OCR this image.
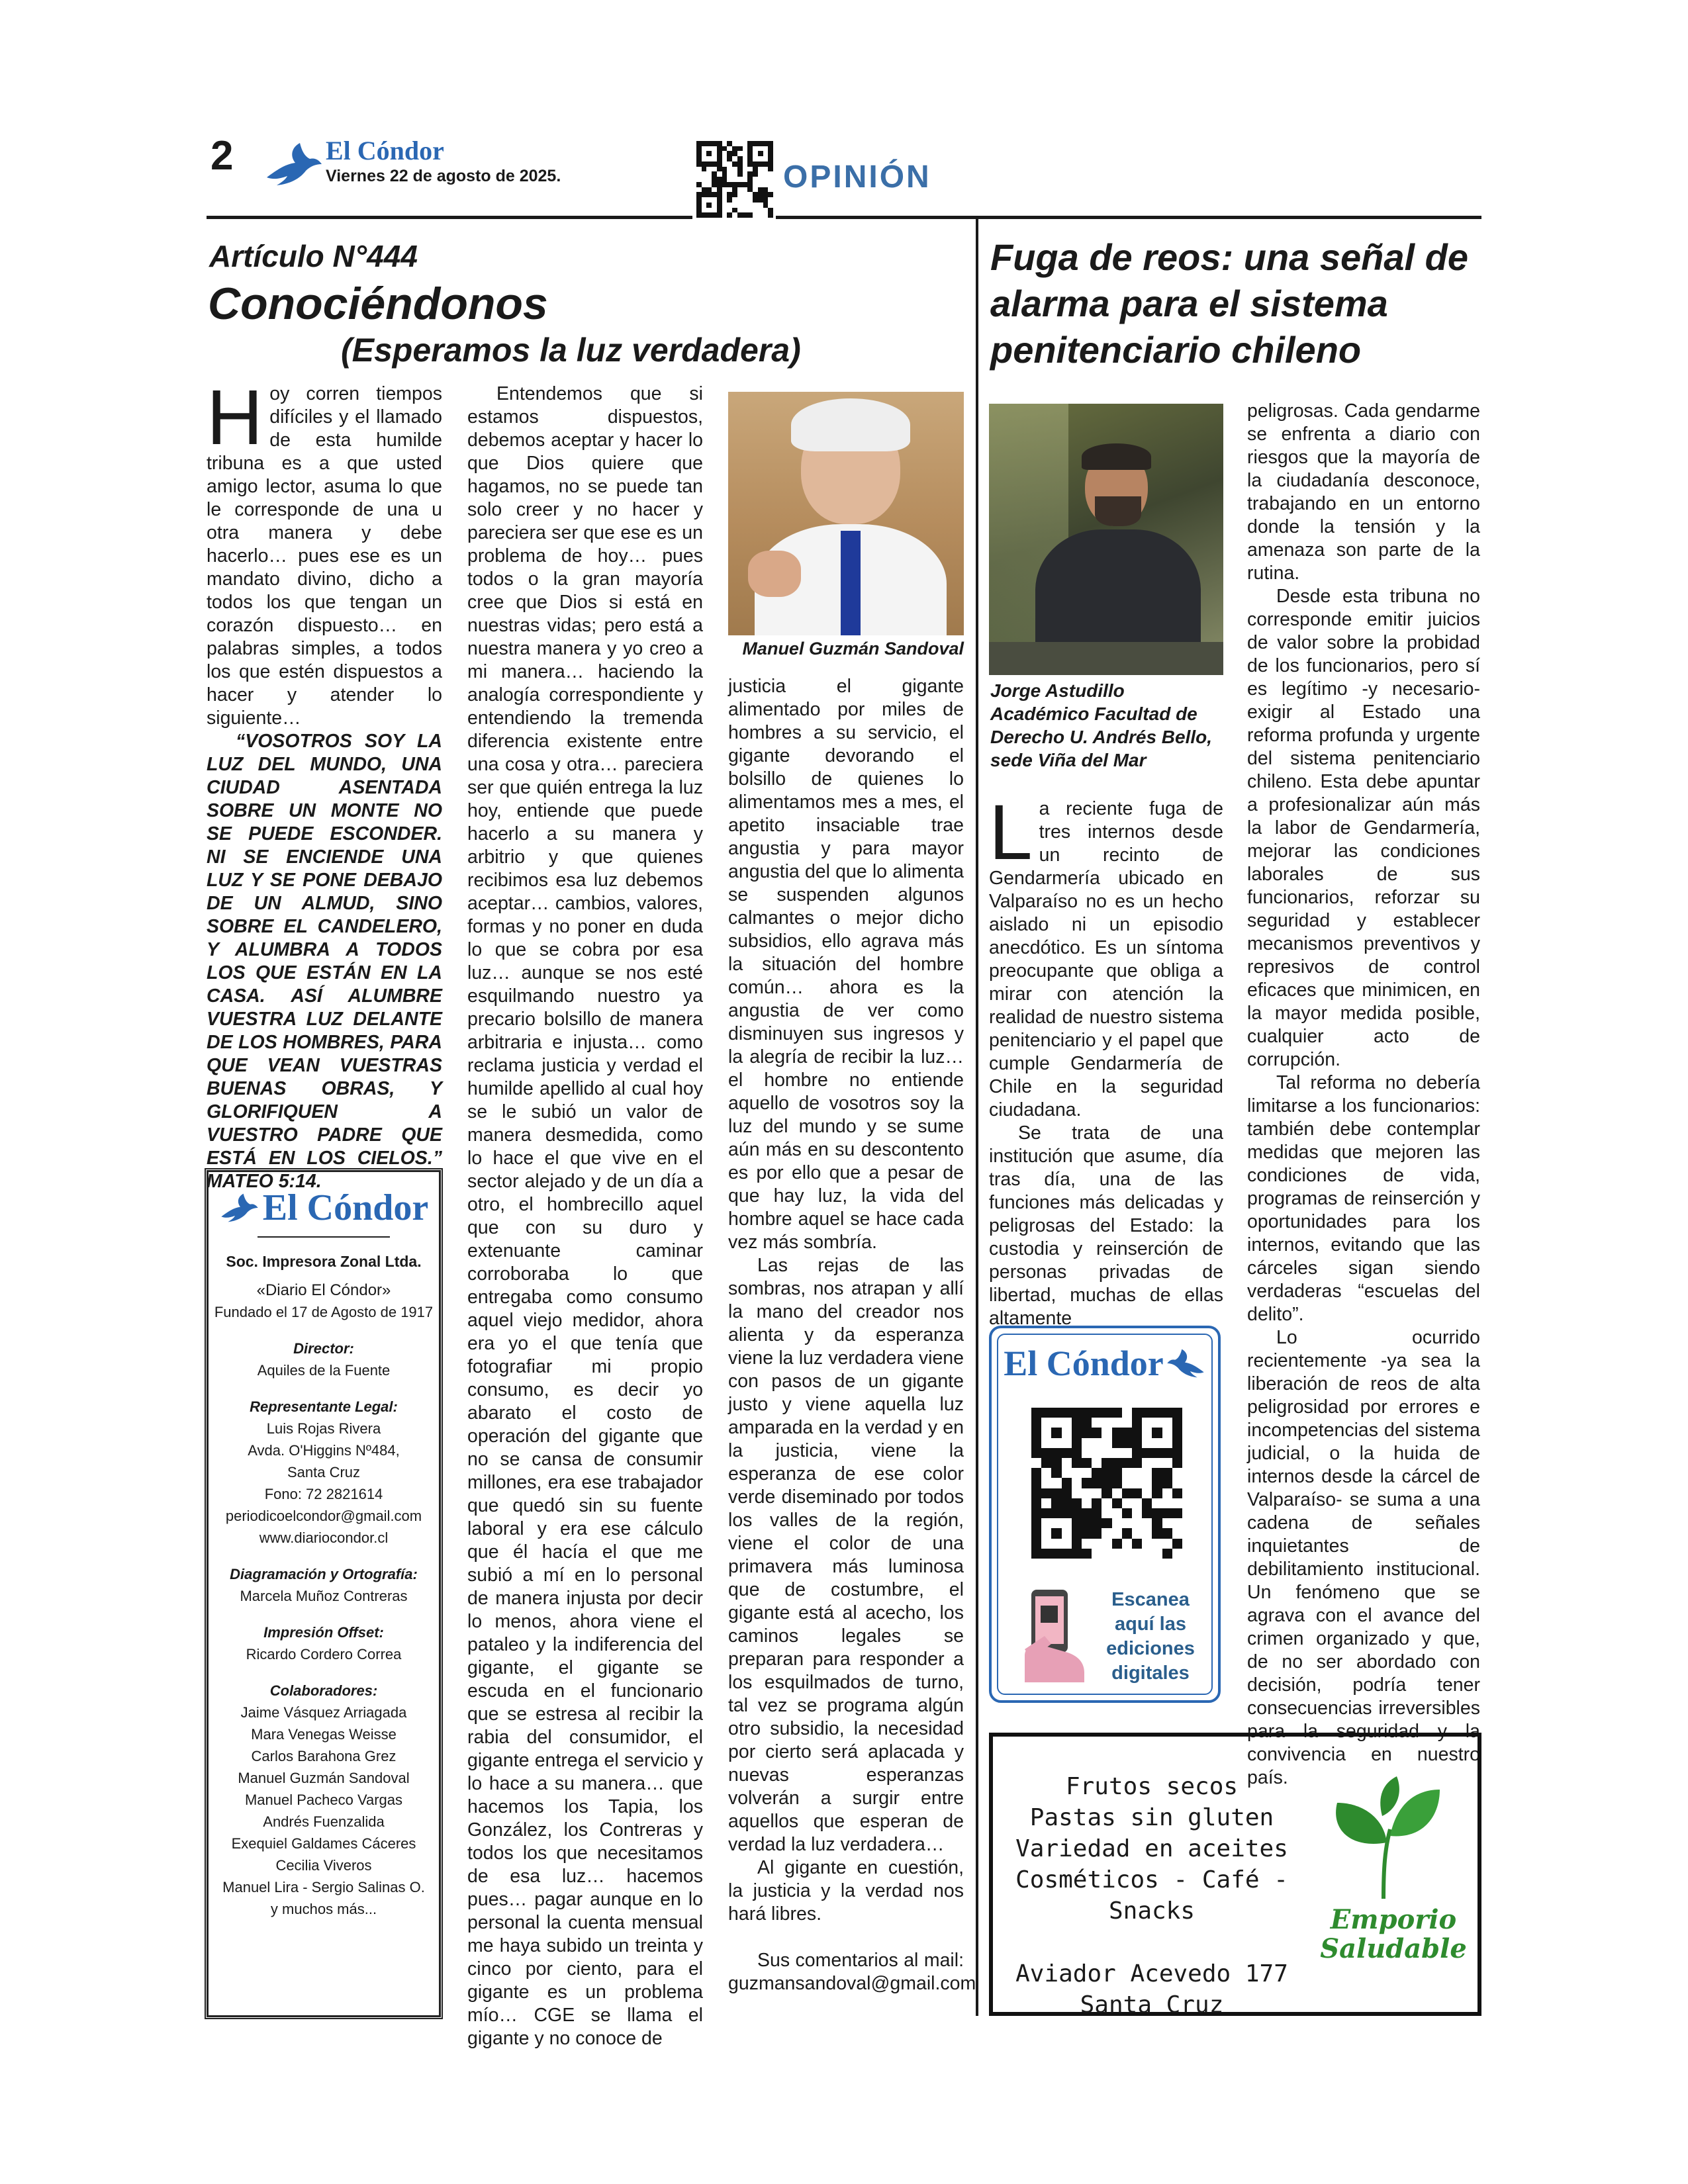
2	El Cóndor
Viernes 22 de agosto de 2025.	OPINIÓN
Artículo N°444
Conociéndonos
(Esperamos la luz verdadera)

Hoy corren tiempos difíciles y el llamado de esta humilde tribuna es a que usted amigo lector, asuma lo que le corresponde de una u otra manera y debe hacerlo… pues ese es un mandato divino, dicho a todos los que tengan un corazón dispuesto… en palabras simples, a todos los que estén dispuestos a hacer y atender lo siguiente…

“VOSOTROS SOY LA LUZ DEL MUNDO, UNA CIUDAD ASENTADA SOBRE UN MONTE NO SE PUEDE ESCONDER. NI SE ENCIENDE UNA LUZ Y SE PONE DEBAJO DE UN ALMUD, SINO SOBRE EL CANDELERO, Y ALUMBRA A TODOS LOS QUE ESTÁN EN LA CASA. ASÍ ALUMBRE VUESTRA LUZ DELANTE DE LOS HOMBRES, PARA QUE VEAN VUESTRAS BUENAS OBRAS, Y GLORIFIQUEN A VUESTRO PADRE QUE ESTÁ EN LOS CIELOS.” MATEO 5:14.

El Cóndor
Soc. Impresora Zonal Ltda.
«Diario El Cóndor»
Fundado el 17 de Agosto de 1917
Director:
Aquiles de la Fuente
Representante Legal:
Luis Rojas Rivera
Avda. O'Higgins Nº484,
Santa Cruz
Fono: 72 2821614
periodicoelcondor@gmail.com
www.diariocondor.cl
Diagramación y Ortografía:
Marcela Muñoz Contreras
Impresión Offset:
Ricardo Cordero Correa
Colaboradores:
Jaime Vásquez Arriagada
Mara Venegas Weisse
Carlos Barahona Grez
Manuel Guzmán Sandoval
Manuel Pacheco Vargas
Andrés Fuenzalida
Exequiel Galdames Cáceres
Cecilia Viveros
Manuel Lira - Sergio Salinas O.
y muchos más...

Entendemos que si estamos dispuestos, debemos aceptar y hacer lo que Dios quiere que hagamos, no se puede tan solo creer y no hacer y pareciera ser que ese es un problema de hoy… pues todos o la gran mayoría cree que Dios si está en nuestras vidas; pero está a nuestra manera y yo creo a mi manera… haciendo la analogía correspondiente y entendiendo la tremenda diferencia existente entre una cosa y otra… pareciera ser que quién entrega la luz hoy, entiende que puede hacerlo a su manera y arbitrio y que quienes recibimos esa luz debemos aceptar… cambios, valores, formas y no poner en duda lo que se cobra por esa luz… aunque se nos esté esquilmando nuestro ya precario bolsillo de manera arbitraria e injusta… como reclama justicia y verdad el humilde apellido al cual hoy se le subió un valor de manera desmedida, como lo hace el que vive en el sector alejado y de un día a otro, el hombrecillo aquel que con su duro y extenuante caminar corroboraba lo que entregaba como consumo aquel viejo medidor, ahora era yo el que tenía que fotografiar mi propio consumo, es decir yo abarato el costo de operación del gigante que no se cansa de consumir millones, era ese trabajador que quedó sin su fuente laboral y era ese cálculo que él hacía el que me subió a mí en lo personal de manera injusta por decir lo menos, ahora viene el pataleo y la indiferencia del gigante, el gigante se escuda en el funcionario que se estresa al recibir la rabia del consumidor, el gigante entrega el servicio y lo hace a su manera… que hacemos los Tapia, los González, los Contreras y todos los que necesitamos de esa luz… hacemos pues… pagar aunque en lo personal la cuenta mensual me haya subido un treinta y cinco por ciento, para el gigante es un problema mío… CGE se llama el gigante y no conoce de

Manuel Guzmán Sandoval

justicia el gigante alimentado por miles de hombres a su servicio, el gigante devorando el bolsillo de quienes lo alimentamos mes a mes, el apetito insaciable trae angustia y para mayor angustia del que lo alimenta se suspenden algunos calmantes o mejor dicho subsidios, ello agrava más la situación del hombre común… ahora es la angustia de ver como disminuyen sus ingresos y la alegría de recibir la luz… el hombre no entiende aquello de vosotros soy la luz del mundo y se sume aún más en su descontento es por ello que a pesar de que hay luz, la vida del hombre aquel se hace cada vez más sombría.

Las rejas de las sombras, nos atrapan y allí la mano del creador nos alienta y da esperanza viene la luz verdadera viene con pasos de un gigante justo y viene aquella luz amparada en la verdad y en la justicia, viene la esperanza de ese color verde diseminado por todos los valles de la región, viene el color de una primavera más luminosa que de costumbre, el gigante está al acecho, los caminos legales se preparan para responder a los esquilmados de turno, tal vez se programa algún otro subsidio, la necesidad por cierto será aplacada y nuevas esperanzas volverán a surgir entre aquellos que esperan de verdad la luz verdadera…

Al gigante en cuestión, la justicia y la verdad nos hará libres.

Sus comentarios al mail: guzmansandoval@gmail.com

Fuga de reos: una señal de alarma para el sistema penitenciario chileno
Jorge Astudillo
Académico Facultad de Derecho U. Andrés Bello, sede Viña del Mar

La reciente fuga de tres internos desde un recinto de Gendarmería ubicado en Valparaíso no es un hecho aislado ni un episodio anecdótico. Es un síntoma preocupante que obliga a mirar con atención la realidad de nuestro sistema penitenciario y el papel que cumple Gendarmería de Chile en la seguridad ciudadana.

Se trata de una institución que asume, día tras día, una de las funciones más delicadas y peligrosas del Estado: la custodia y reinserción de personas privadas de libertad, muchas de ellas altamente

peligrosas. Cada gendarme se enfrenta a diario con riesgos que la mayoría de la ciudadanía desconoce, trabajando en un entorno donde la tensión y la amenaza son parte de la rutina.

Desde esta tribuna no corresponde emitir juicios de valor sobre la probidad de los funcionarios, pero sí es legítimo -y necesario- exigir al Estado una reforma profunda y urgente del sistema penitenciario chileno. Esta debe apuntar a profesionalizar aún más la labor de Gendarmería, mejorar las condiciones laborales de sus funcionarios, reforzar su seguridad y establecer mecanismos preventivos y represivos de control eficaces que minimicen, en la mayor medida posible, cualquier acto de corrupción.

Tal reforma no debería limitarse a los funcionarios: también debe contemplar medidas que mejoren las condiciones de vida, programas de reinserción y oportunidades para los internos, evitando que las cárceles sigan siendo verdaderas “escuelas del delito”.

Lo ocurrido recientemente -ya sea la liberación de reos de alta peligrosidad por errores e incompetencias del sistema judicial, o la huida de internos desde la cárcel de Valparaíso- se suma a una cadena de señales inquietantes de debilitamiento institucional. Un fenómeno que se agrava con el avance del crimen organizado y que, de no ser abordado con decisión, podría tener consecuencias irreversibles para la seguridad y la convivencia en nuestro país.

El Cóndor
Escanea aquí las ediciones digitales
Frutos secos
Pastas sin gluten
Variedad en aceites
Cosméticos - Café - Snacks
Aviador Acevedo 177
Santa Cruz
Emporio
Saludable
